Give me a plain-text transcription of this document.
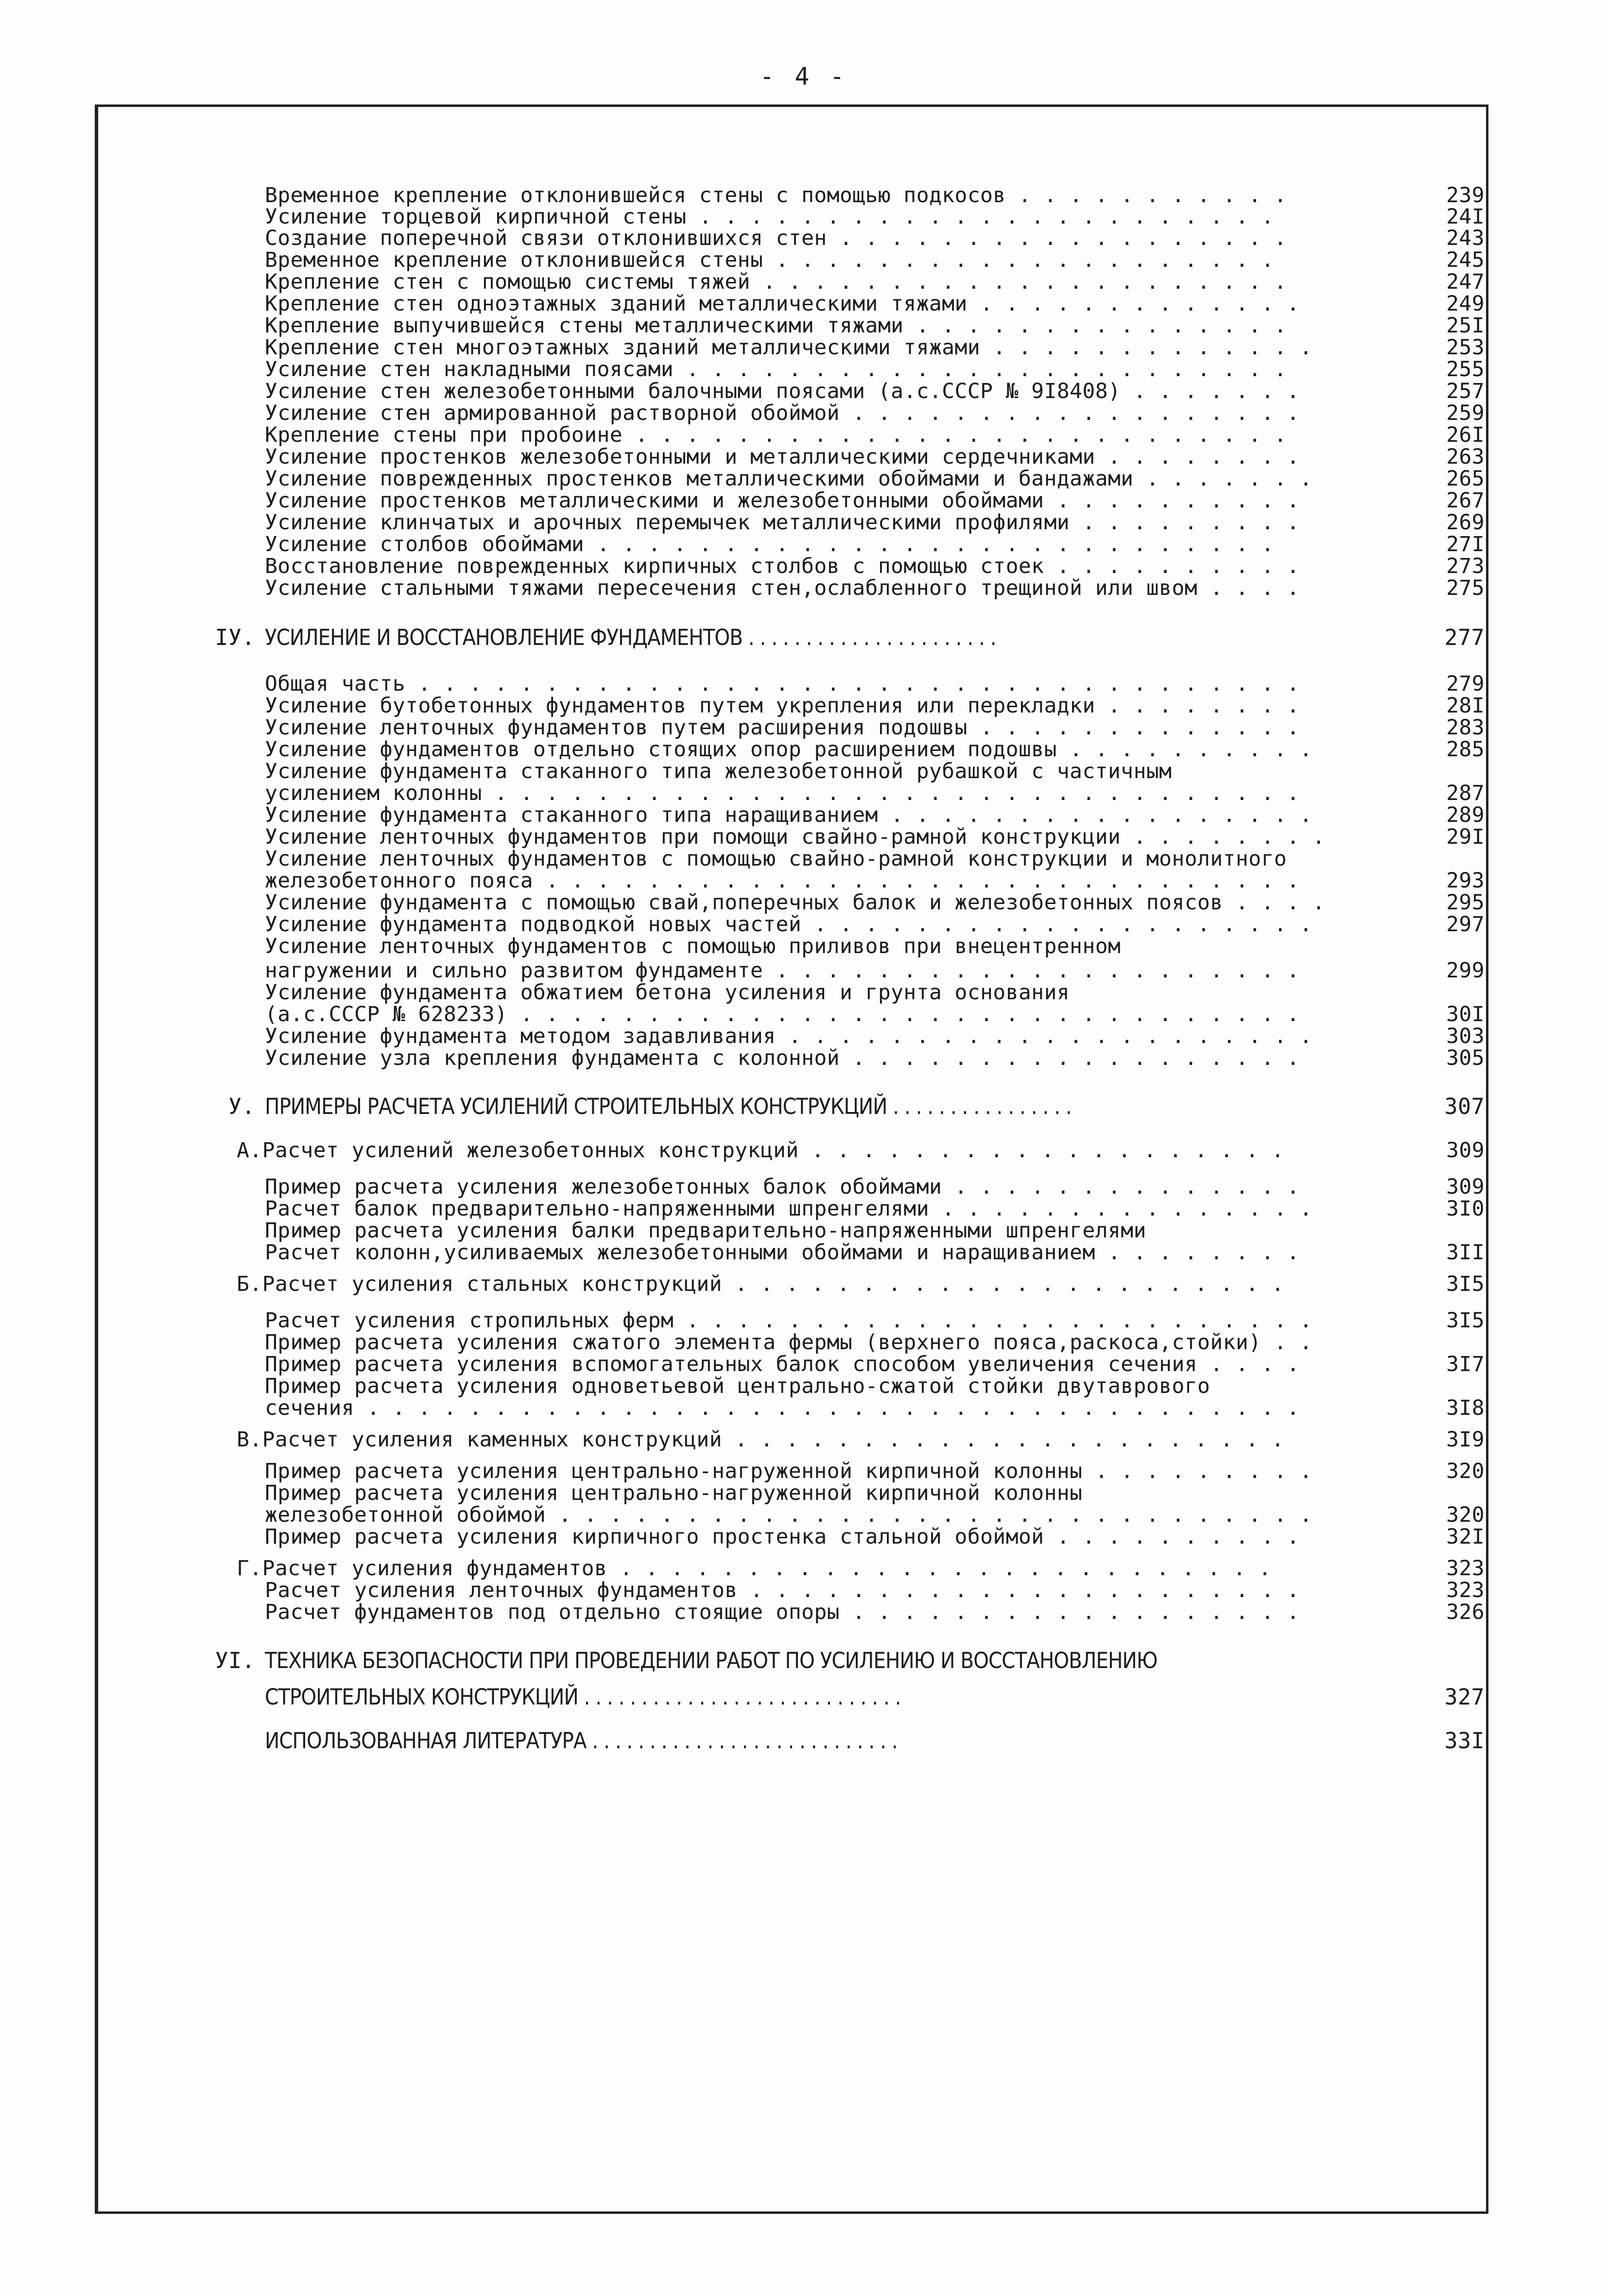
- 4 -
Временное крепление отклонившейся стены с помощью подкосов . . . . . . . . . . .	239
Усиление торцевой кирпичной стены . . . . . . . . . . . . . . . . . . . . . . .	24I
Создание поперечной связи отклонившихся стен . . . . . . . . . . . . . . . . . .	243
Временное крепление отклонившейся стены . . . . . . . . . . . . . . . . . . . .	245
Крепление стен с помощью системы тяжей . . . . . . . . . . . . . . . . . . . . .	247
Крепление стен одноэтажных зданий металлическими тяжами . . . . . . . . . . . . .	249
Крепление выпучившейся стены металлическими тяжами . . . . . . . . . . . . . . .	25I
Крепление стен многоэтажных зданий металлическими тяжами . . . . . . . . . . . . .	253
Усиление стен накладными поясами . . . . . . . . . . . . . . . . . . . . . . . .	255
Усиление стен железобетонными балочными поясами (а.с.СССР № 9I8408) . . . . . . .	257
Усиление стен армированной растворной обоймой . . . . . . . . . . . . . . . . . .	259
Крепление стены при пробоине . . . . . . . . . . . . . . . . . . . . . . . . . .	26I
Усиление простенков железобетонными и металлическими сердечниками . . . . . . . .	263
Усиление поврежденных простенков металлическими обоймами и бандажами . . . . . . .	265
Усиление простенков металлическими и железобетонными обоймами . . . . . . . . . .	267
Усиление клинчатых и арочных перемычек металлическими профилями . . . . . . . . .	269
Усиление столбов обоймами . . . . . . . . . . . . . . . . . . . . . . . . . . .	27I
Восстановление поврежденных кирпичных столбов с помощью стоек . . . . . . . . . .	273
Усиление стальными тяжами пересечения стен,ослабленного трещиной или швом . . . .	275
IУ. УСИЛЕНИЕ И ВОССТАНОВЛЕНИЕ ФУНДАМЕНТОВ . . . . . . . . . . . . . . . . . . . . . .	277
Общая часть . . . . . . . . . . . . . . . . . . . . . . . . . . . . . . . . . . .	279
Усиление бутобетонных фундаментов путем укрепления или перекладки . . . . . . . .	28I
Усиление ленточных фундаментов путем расширения подошвы . . . . . . . . . . . . .	283
Усиление фундаментов отдельно стоящих опор расширением подошвы . . . . . . . . . .	285
Усиление фундамента стаканного типа железобетонной рубашкой с частичным
усилением колонны . . . . . . . . . . . . . . . . . . . . . . . . . . . . . . . .	287
Усиление фундамента стаканного типа наращиванием . . . . . . . . . . . . . . . . .	289
Усиление ленточных фундаментов при помощи свайно-рамной конструкции . . . . . . . .	29I
Усиление ленточных фундаментов с помощью свайно-рамной конструкции и монолитного
железобетонного пояса . . . . . . . . . . . . . . . . . . . . . . . . . . . . . .	293
Усиление фундамента с помощью свай,поперечных балок и железобетонных поясов . . . .	295
Усиление фундамента подводкой новых частей . . . . . . . . . . . . . . . . . . . .	297
Усиление ленточных фундаментов с помощью приливов при внецентренном
нагружении и сильно развитом фундаменте . . . . . . . . . . . . . . . . . . . . .	299
Усиление фундамента обжатием бетона усиления и грунта основания
(а.с.СССР № 628233) . . . . . . . . . . . . . . . . . . . . . . . . . . . . . . .	30I
Усиление фундамента методом задавливания . . . . . . . . . . . . . . . . . . . . .	303
Усиление узла крепления фундамента с колонной . . . . . . . . . . . . . . . . . .	305
У. ПРИМЕРЫ РАСЧЕТА УСИЛЕНИЙ СТРОИТЕЛЬНЫХ КОНСТРУКЦИЙ . . . . . . . . . . . . . . . .	307
А.Расчет усилений железобетонных конструкций . . . . . . . . . . . . . . . . . . .	309
Пример расчета усиления железобетонных балок обоймами . . . . . . . . . . . . . .	309
Расчет балок предварительно-напряженными шпренгелями . . . . . . . . . . . . . . .	3I0
Пример расчета усиления балки предварительно-напряженными шпренгелями
Расчет колонн,усиливаемых железобетонными обоймами и наращиванием . . . . . . . .	3II
Б.Расчет усиления стальных конструкций . . . . . . . . . . . . . . . . . . . . . .	3I5
Расчет усиления стропильных ферм . . . . . . . . . . . . . . . . . . . . . . . . .	3I5
Пример расчета усиления сжатого элемента фермы (верхнего пояса,раскоса,стойки) . .
Пример расчета усиления вспомогательных балок способом увеличения сечения . . . .	3I7
Пример расчета усиления одноветьевой центрально-сжатой стойки двутаврового
сечения . . . . . . . . . . . . . . . . . . . . . . . . . . . . . . . . . . . . .	3I8
В.Расчет усиления каменных конструкций . . . . . . . . . . . . . . . . . . . . . .	3I9
Пример расчета усиления центрально-нагруженной кирпичной колонны . . . . . . . . .	320
Пример расчета усиления центрально-нагруженной кирпичной колонны
железобетонной обоймой . . . . . . . . . . . . . . . . . . . . . . . . . . . . . .	320
Пример расчета усиления кирпичного простенка стальной обоймой . . . . . . . . . .	32I
Г.Расчет усиления фундаментов . . . . . . . . . . . . . . . . . . . . . . . . . .	323
Расчет усиления ленточных фундаментов . . . . . . . . . . . . . . . . . . . . . .	323
Расчет фундаментов под отдельно стоящие опоры . . . . . . . . . . . . . . . . . .	326
УI. ТЕХНИКА БЕЗОПАСНОСТИ ПРИ ПРОВЕДЕНИИ РАБОТ ПО УСИЛЕНИЮ И ВОССТАНОВЛЕНИЮ
СТРОИТЕЛЬНЫХ КОНСТРУКЦИЙ . . . . . . . . . . . . . . . . . . . . . . . . . . . .	327
ИСПОЛЬЗОВАННАЯ ЛИТЕРАТУРА . . . . . . . . . . . . . . . . . . . . . . . . . . .	33I
